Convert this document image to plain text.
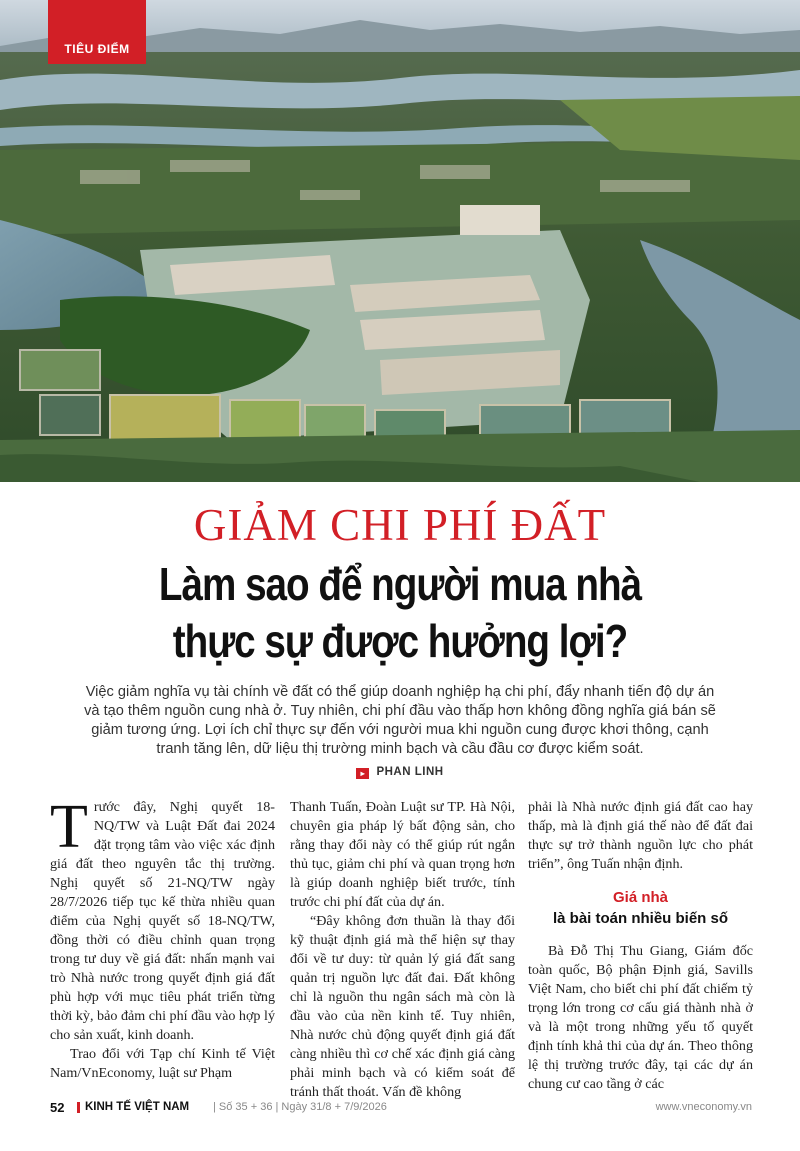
TIÊU ĐIỂM
GIẢM CHI PHÍ ĐẤT
Làm sao để người mua nhà
thực sự được hưởng lợi?
Việc giảm nghĩa vụ tài chính về đất có thể giúp doanh nghiệp hạ chi phí, đẩy nhanh tiến độ dự án và tạo thêm nguồn cung nhà ở. Tuy nhiên, chi phí đầu vào thấp hơn không đồng nghĩa giá bán sẽ giảm tương ứng. Lợi ích chỉ thực sự đến với người mua khi nguồn cung được khơi thông, cạnh tranh tăng lên, dữ liệu thị trường minh bạch và cầu đầu cơ được kiểm soát.
▸ PHAN LINH
T rước đây, Nghị quyết 18-NQ/TW và Luật Đất đai 2024 đặt trọng tâm vào việc xác định giá đất theo nguyên tắc thị trường. Nghị quyết số 21-NQ/TW ngày 28/7/2026 tiếp tục kế thừa nhiều quan điểm của Nghị quyết số 18-NQ/TW, đồng thời có điều chỉnh quan trọng trong tư duy về giá đất: nhấn mạnh vai trò Nhà nước trong quyết định giá đất phù hợp với mục tiêu phát triển từng thời kỳ, bảo đảm chi phí đầu vào hợp lý cho sản xuất, kinh doanh.

Trao đổi với Tạp chí Kinh tế Việt Nam/VnEconomy, luật sư Phạm

Thanh Tuấn, Đoàn Luật sư TP. Hà Nội, chuyên gia pháp lý bất động sản, cho rằng thay đổi này có thể giúp rút ngắn thủ tục, giảm chi phí và quan trọng hơn là giúp doanh nghiệp biết trước, tính trước chi phí đất của dự án.

“Đây không đơn thuần là thay đổi kỹ thuật định giá mà thể hiện sự thay đổi về tư duy: từ quản lý giá đất sang quản trị nguồn lực đất đai. Đất không chỉ là nguồn thu ngân sách mà còn là đầu vào của nền kinh tế. Tuy nhiên, Nhà nước chủ động quyết định giá đất càng nhiều thì cơ chế xác định giá càng phải minh bạch và có kiểm soát để tránh thất thoát. Vấn đề không

phải là Nhà nước định giá đất cao hay thấp, mà là định giá thế nào để đất đai thực sự trở thành nguồn lực cho phát triển”, ông Tuấn nhận định.

Giá nhà
là bài toán nhiều biến số

Bà Đỗ Thị Thu Giang, Giám đốc toàn quốc, Bộ phận Định giá, Savills Việt Nam, cho biết chi phí đất chiếm tỷ trọng lớn trong cơ cấu giá thành nhà ở và là một trong những yếu tố quyết định tính khả thi của dự án. Theo thông lệ thị trường trước đây, tại các dự án chung cư cao tầng ở các

52 KINH TẾ VIỆT NAM | Số 35 + 36 | Ngày 31/8 + 7/9/2026	www.vneconomy.vn
